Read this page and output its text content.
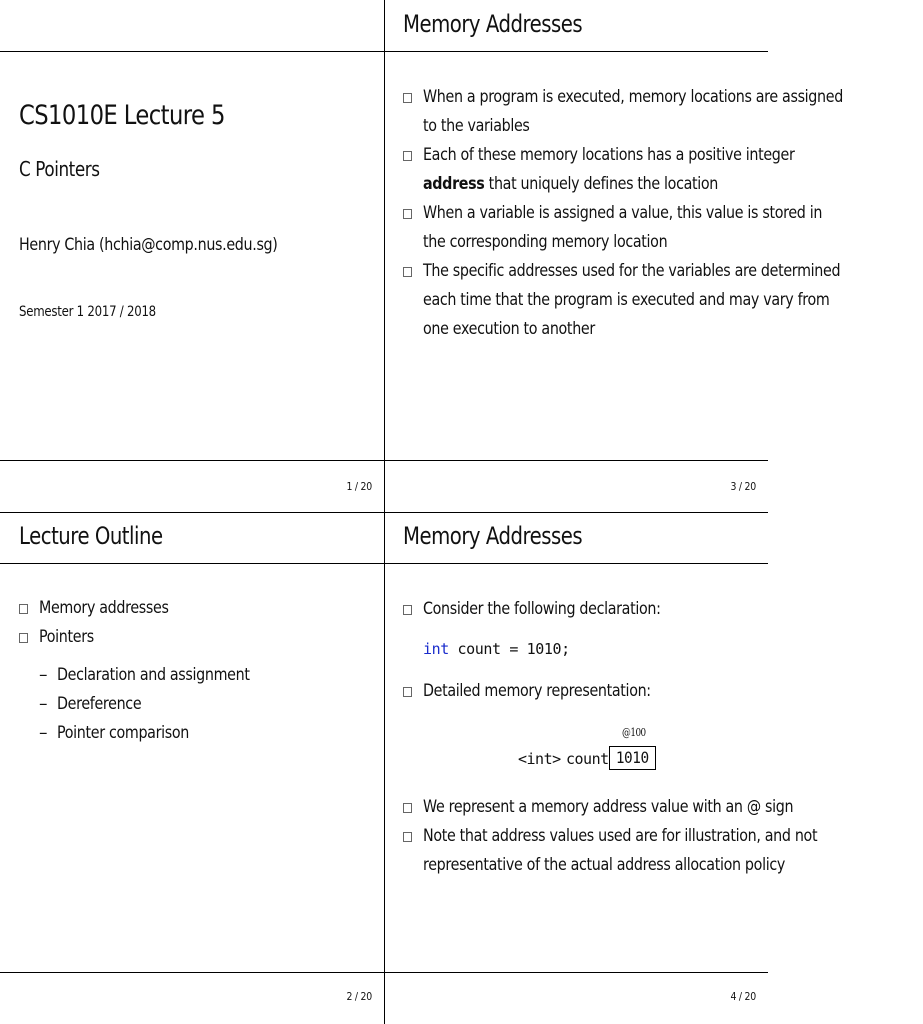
CS1010E Lecture 5
C Pointers
Henry Chia (hchia@comp.nus.edu.sg)
Semester 1 2017 / 2018
1 / 20
Lecture Outline
Memory addresses
Pointers
– Declaration and assignment
– Dereference
– Pointer comparison
2 / 20
Memory Addresses
When a program is executed, memory locations are assigned
to the variables
Each of these memory locations has a positive integer
address that uniquely defines the location
When a variable is assigned a value, this value is stored in
the corresponding memory location
The specific addresses used for the variables are determined
each time that the program is executed and may vary from
one execution to another
3 / 20
Memory Addresses
Consider the following declaration:
int count = 1010;
Detailed memory representation:
@100
<int> count 1010
We represent a memory address value with an @ sign
Note that address values used are for illustration, and not
representative of the actual address allocation policy
4 / 20
